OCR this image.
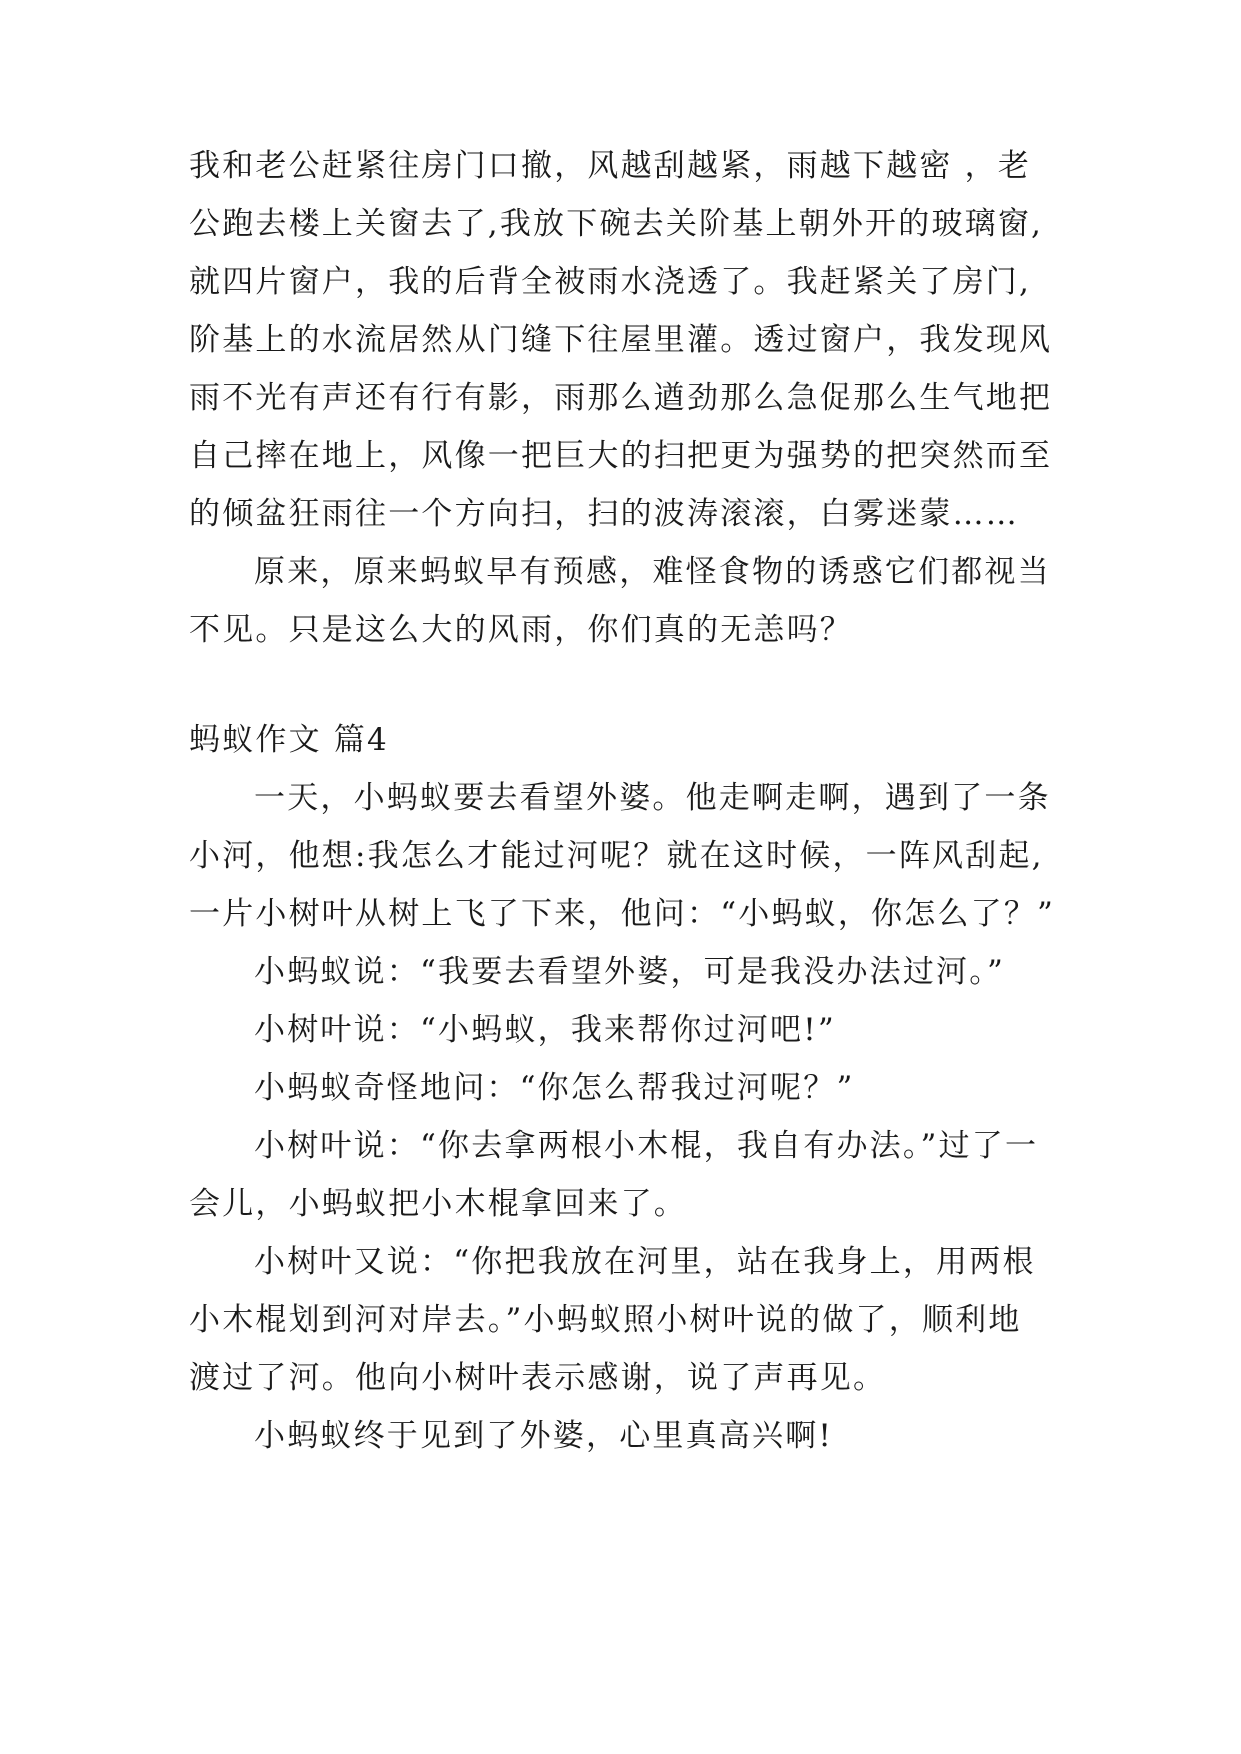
我和老公赶紧往房门口撤，风越刮越紧，雨越下越密 ，老
公跑去楼上关窗去了,我放下碗去关阶基上朝外开的玻璃窗,
就四片窗户，我的后背全被雨水浇透了。我赶紧关了房门,
阶基上的水流居然从门缝下往屋里灌。透过窗户，我发现风
雨不光有声还有行有影，雨那么遒劲那么急促那么生气地把
自己摔在地上，风像一把巨大的扫把更为强势的把突然而至
的倾盆狂雨往一个方向扫，扫的波涛滚滚，白雾迷蒙……
原来，原来蚂蚁早有预感，难怪食物的诱惑它们都视当
不见。只是这么大的风雨，你们真的无恙吗？
蚂蚁作文 篇4
一天，小蚂蚁要去看望外婆。他走啊走啊，遇到了一条
小河，他想:我怎么才能过河呢？就在这时候，一阵风刮起,
一片小树叶从树上飞了下来，他问：“小蚂蚁，你怎么了？”
小蚂蚁说：“我要去看望外婆，可是我没办法过河。”
小树叶说：“小蚂蚁，我来帮你过河吧!”
小蚂蚁奇怪地问：“你怎么帮我过河呢？”
小树叶说：“你去拿两根小木棍，我自有办法。”过了一
会儿，小蚂蚁把小木棍拿回来了。
小树叶又说：“你把我放在河里，站在我身上，用两根
小木棍划到河对岸去。”小蚂蚁照小树叶说的做了，顺利地
渡过了河。他向小树叶表示感谢，说了声再见。
小蚂蚁终于见到了外婆，心里真高兴啊!
